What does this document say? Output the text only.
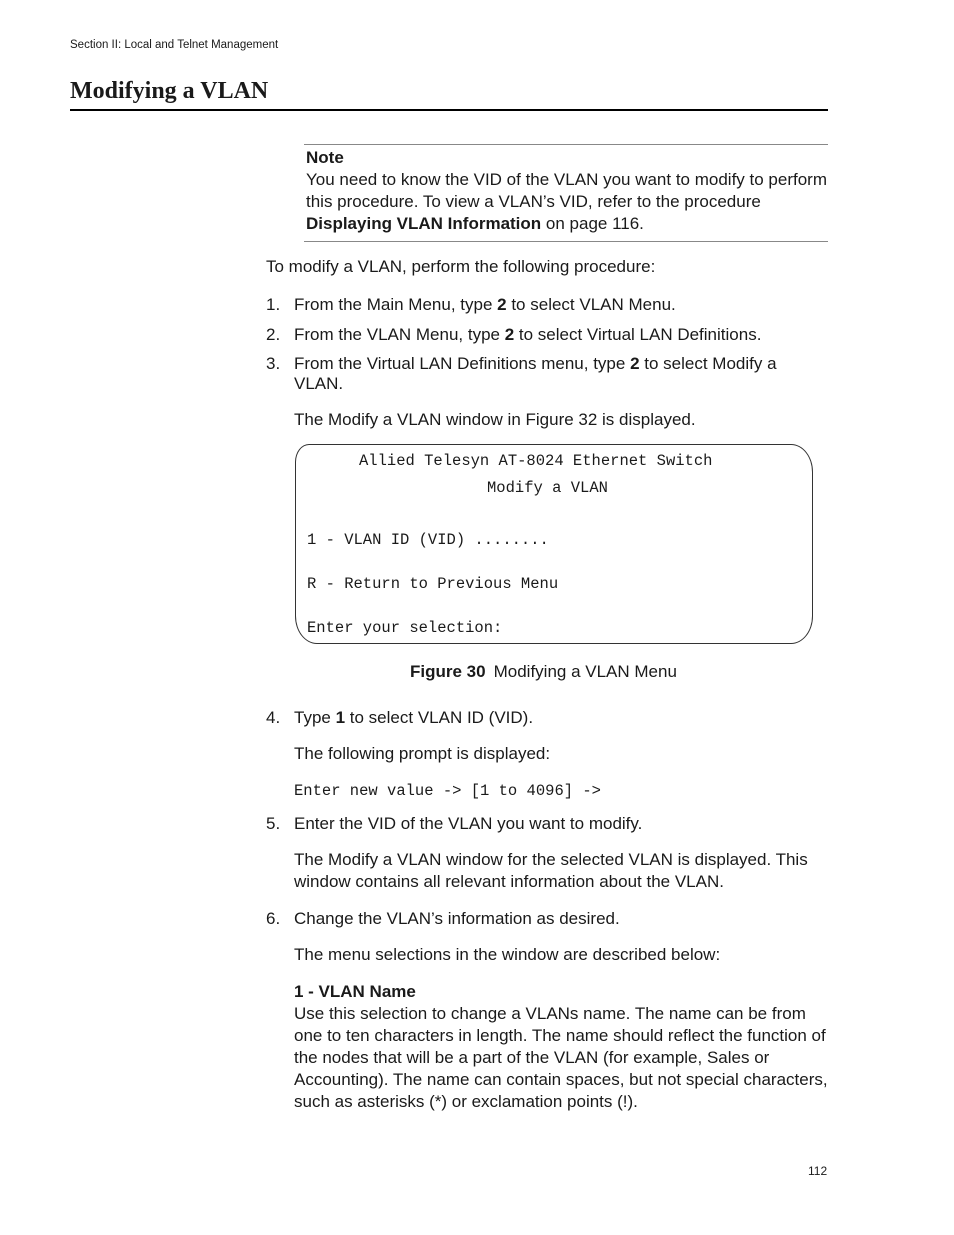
Section II: Local and Telnet Management
Modifying a VLAN
Note
You need to know the VID of the VLAN you want to modify to perform this procedure. To view a VLAN’s VID, refer to the procedure Displaying VLAN Information on page 116.
To modify a VLAN, perform the following procedure:
1. From the Main Menu, type 2 to select VLAN Menu.
2. From the VLAN Menu, type 2 to select Virtual LAN Definitions.
3. From the Virtual LAN Definitions menu, type 2 to select Modify a VLAN.
The Modify a VLAN window in Figure 32 is displayed.
Allied Telesyn AT-8024 Ethernet Switch
Modify a VLAN
1 - VLAN ID (VID) ........
R - Return to Previous Menu
Enter your selection:
Figure 30 Modifying a VLAN Menu
4. Type 1 to select VLAN ID (VID).
The following prompt is displayed:
Enter new value -> [1 to 4096] ->
5. Enter the VID of the VLAN you want to modify.
The Modify a VLAN window for the selected VLAN is displayed. This window contains all relevant information about the VLAN.
6. Change the VLAN’s information as desired.
The menu selections in the window are described below:
1 - VLAN Name
Use this selection to change a VLANs name. The name can be from one to ten characters in length. The name should reflect the function of the nodes that will be a part of the VLAN (for example, Sales or Accounting). The name can contain spaces, but not special characters, such as asterisks (*) or exclamation points (!).
112
